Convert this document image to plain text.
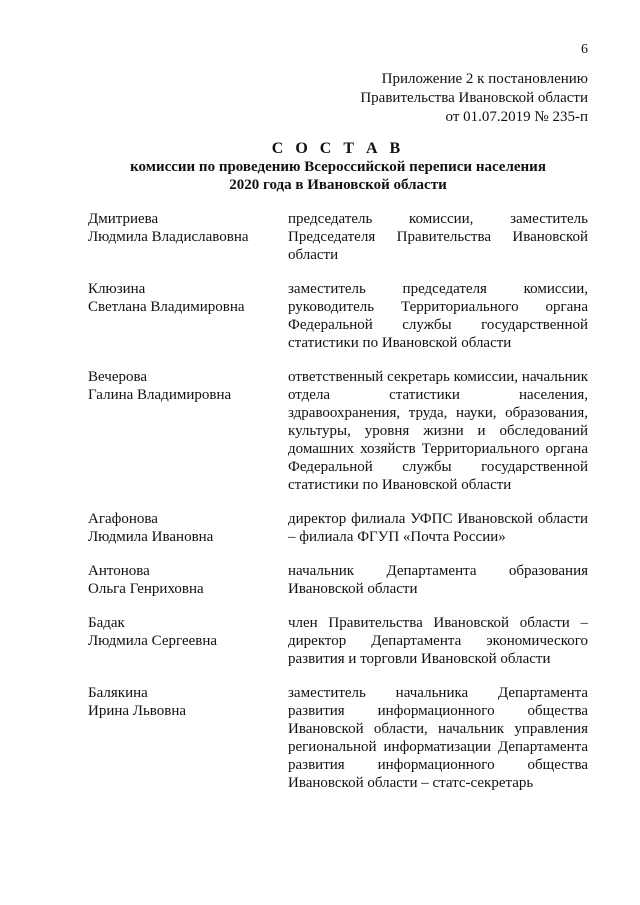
6
Приложение 2 к постановлению
Правительства Ивановской области
от 01.07.2019 № 235-п
С О С Т А В
комиссии по проведению Всероссийской переписи населения
2020 года в Ивановской области
Дмитриева
Людмила Владиславовна
председатель комиссии, заместитель Председателя Правительства Ивановской области
Клюзина
Светлана Владимировна
заместитель председателя комиссии, руководитель Территориального органа Федеральной службы государственной статистики по Ивановской области
Вечерова
Галина Владимировна
ответственный секретарь комиссии, начальник отдела статистики населения, здравоохранения, труда, науки, образования, культуры, уровня жизни и обследований домашних хозяйств Территориального органа Федеральной службы государственной статистики по Ивановской области
Агафонова
Людмила Ивановна
директор филиала УФПС Ивановской области – филиала ФГУП «Почта России»
Антонова
Ольга Генриховна
начальник Департамента образования Ивановской области
Бадак
Людмила Сергеевна
член Правительства Ивановской области – директор Департамента экономического развития и торговли Ивановской области
Балякина
Ирина Львовна
заместитель начальника Департамента развития информационного общества Ивановской области, начальник управления региональной информатизации Департамента развития информационного общества Ивановской области – статс-секретарь
